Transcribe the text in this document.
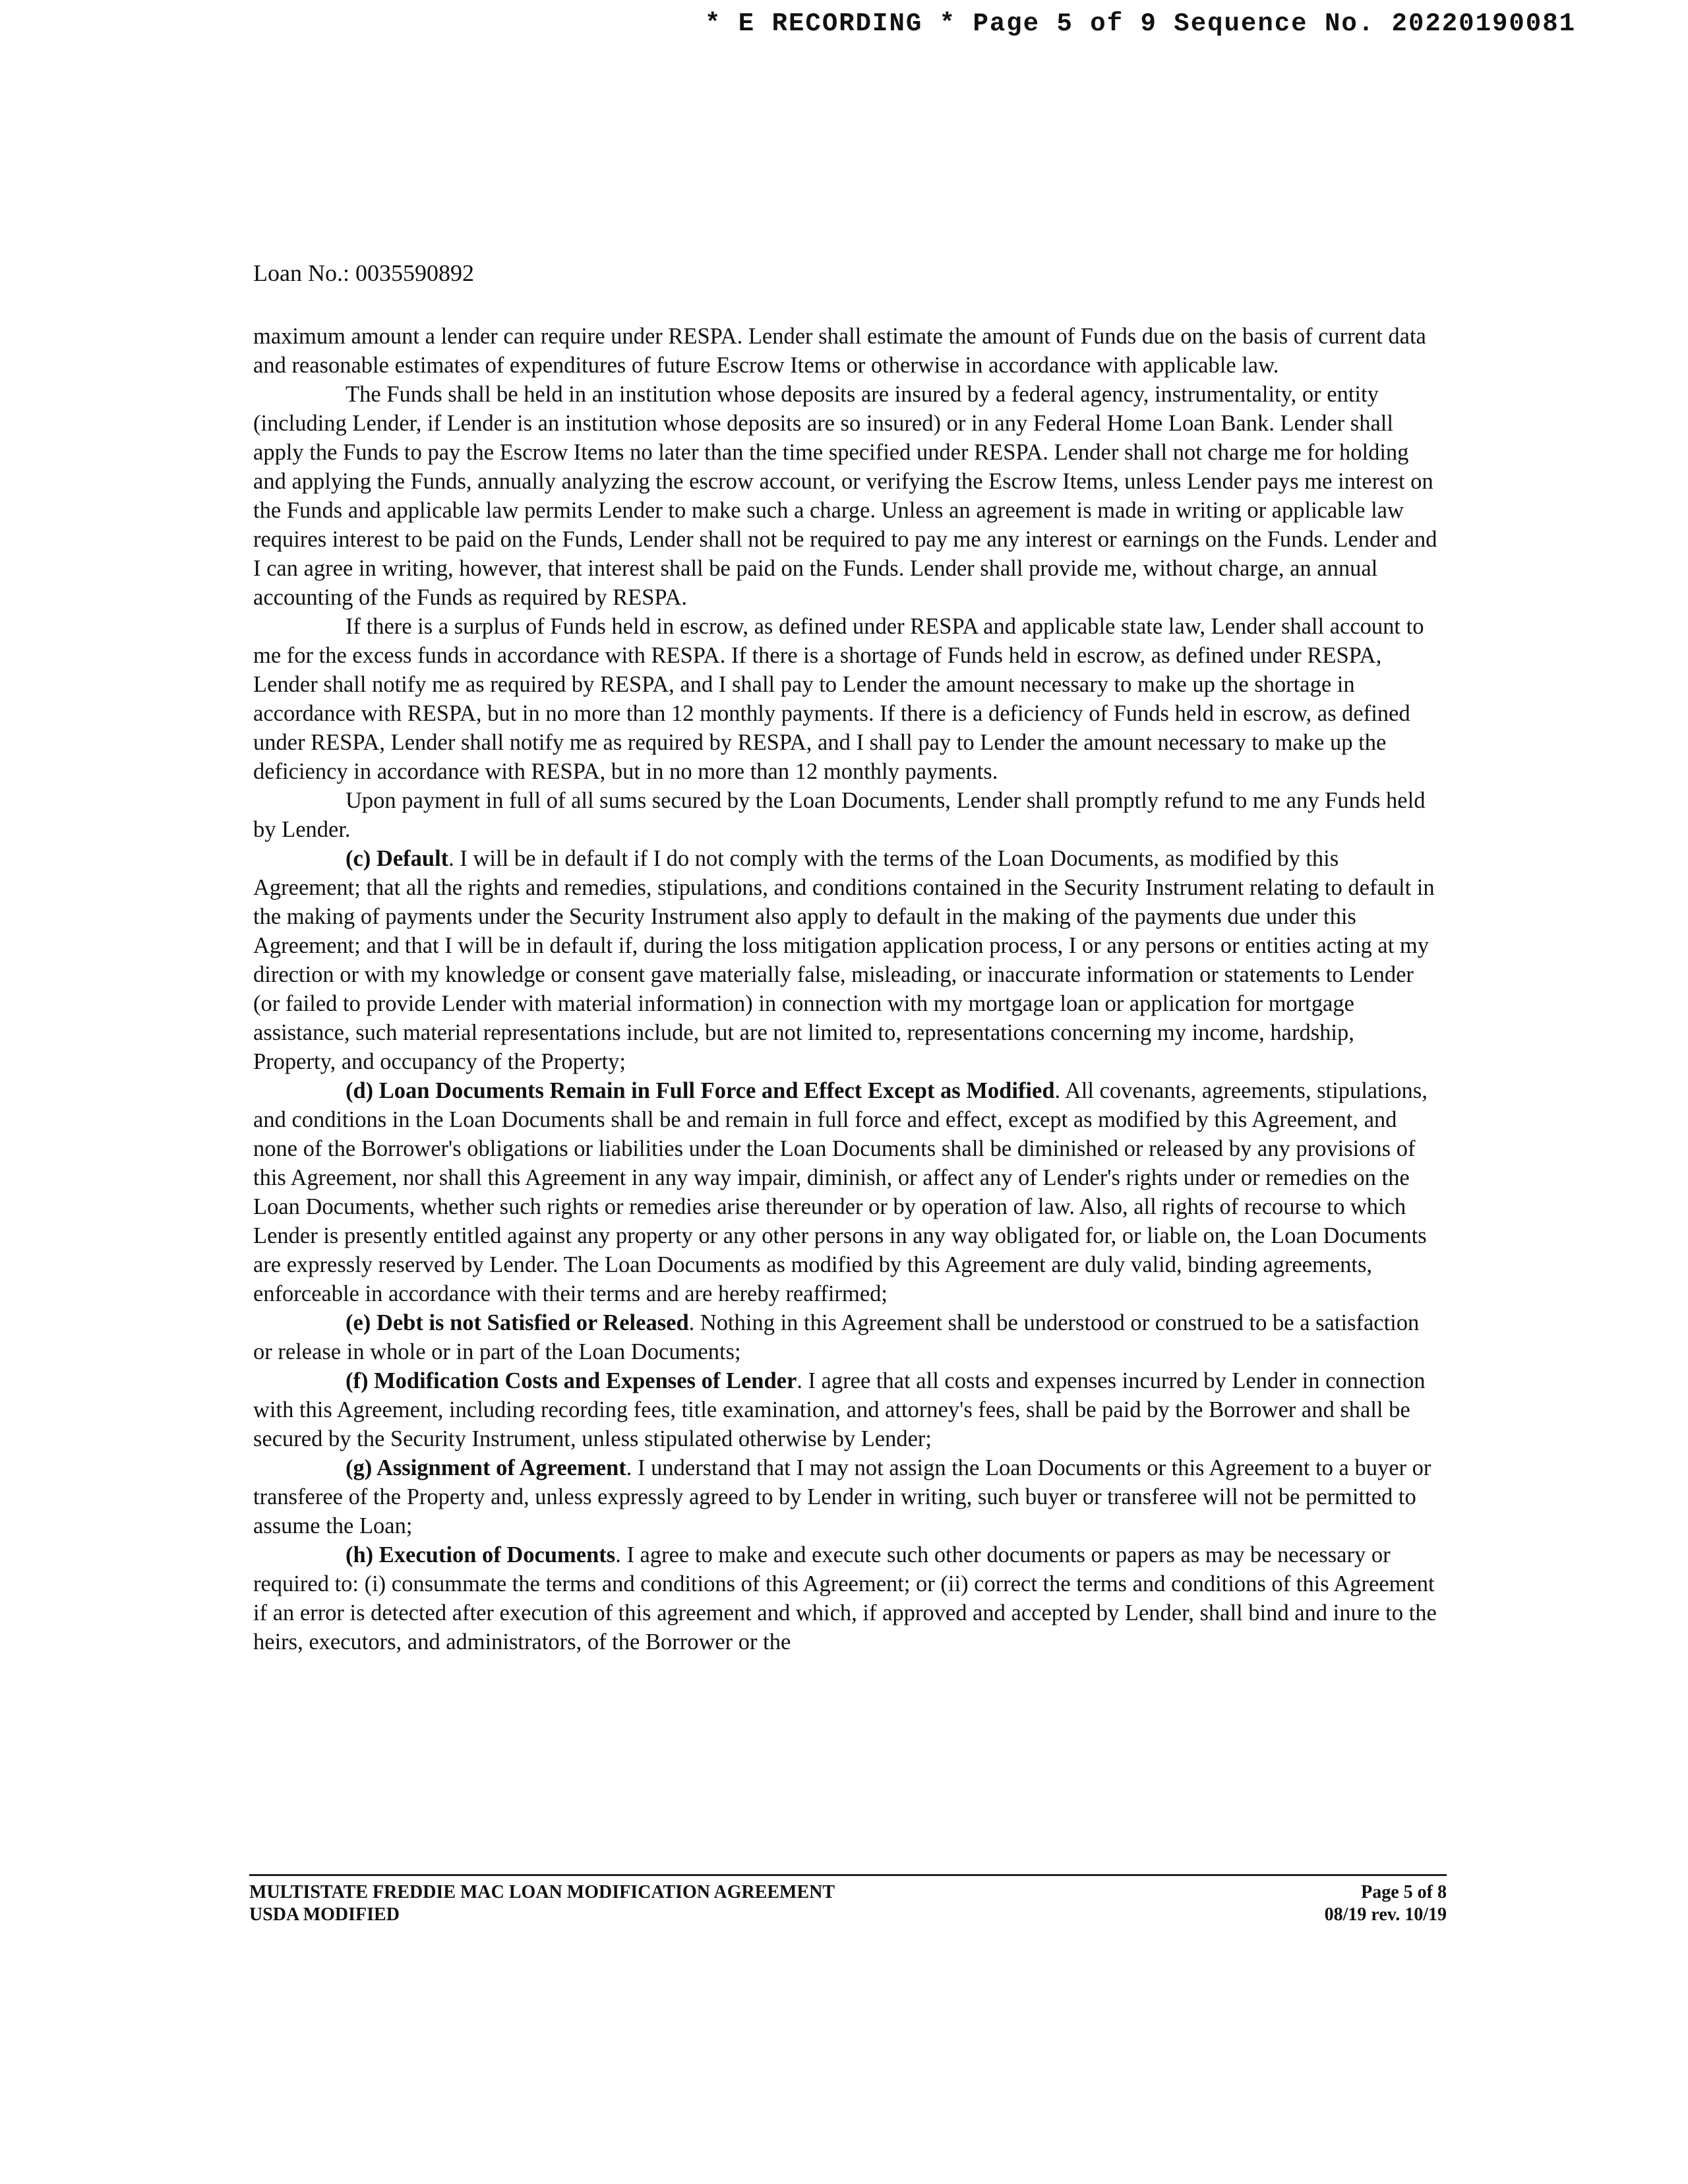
* E RECORDING * Page 5 of 9 Sequence No. 20220190081

Loan No.: 0035590892

maximum amount a lender can require under RESPA. Lender shall estimate the amount of Funds due on the basis of current data and reasonable estimates of expenditures of future Escrow Items or otherwise in accordance with applicable law.

The Funds shall be held in an institution whose deposits are insured by a federal agency, instrumentality, or entity (including Lender, if Lender is an institution whose deposits are so insured) or in any Federal Home Loan Bank. Lender shall apply the Funds to pay the Escrow Items no later than the time specified under RESPA. Lender shall not charge me for holding and applying the Funds, annually analyzing the escrow account, or verifying the Escrow Items, unless Lender pays me interest on the Funds and applicable law permits Lender to make such a charge. Unless an agreement is made in writing or applicable law requires interest to be paid on the Funds, Lender shall not be required to pay me any interest or earnings on the Funds. Lender and I can agree in writing, however, that interest shall be paid on the Funds. Lender shall provide me, without charge, an annual accounting of the Funds as required by RESPA.

If there is a surplus of Funds held in escrow, as defined under RESPA and applicable state law, Lender shall account to me for the excess funds in accordance with RESPA. If there is a shortage of Funds held in escrow, as defined under RESPA, Lender shall notify me as required by RESPA, and I shall pay to Lender the amount necessary to make up the shortage in accordance with RESPA, but in no more than 12 monthly payments. If there is a deficiency of Funds held in escrow, as defined under RESPA, Lender shall notify me as required by RESPA, and I shall pay to Lender the amount necessary to make up the deficiency in accordance with RESPA, but in no more than 12 monthly payments.

Upon payment in full of all sums secured by the Loan Documents, Lender shall promptly refund to me any Funds held by Lender.

(c) Default. I will be in default if I do not comply with the terms of the Loan Documents, as modified by this Agreement; that all the rights and remedies, stipulations, and conditions contained in the Security Instrument relating to default in the making of payments under the Security Instrument also apply to default in the making of the payments due under this Agreement; and that I will be in default if, during the loss mitigation application process, I or any persons or entities acting at my direction or with my knowledge or consent gave materially false, misleading, or inaccurate information or statements to Lender (or failed to provide Lender with material information) in connection with my mortgage loan or application for mortgage assistance, such material representations include, but are not limited to, representations concerning my income, hardship, Property, and occupancy of the Property;

(d) Loan Documents Remain in Full Force and Effect Except as Modified. All covenants, agreements, stipulations, and conditions in the Loan Documents shall be and remain in full force and effect, except as modified by this Agreement, and none of the Borrower's obligations or liabilities under the Loan Documents shall be diminished or released by any provisions of this Agreement, nor shall this Agreement in any way impair, diminish, or affect any of Lender's rights under or remedies on the Loan Documents, whether such rights or remedies arise thereunder or by operation of law. Also, all rights of recourse to which Lender is presently entitled against any property or any other persons in any way obligated for, or liable on, the Loan Documents are expressly reserved by Lender. The Loan Documents as modified by this Agreement are duly valid, binding agreements, enforceable in accordance with their terms and are hereby reaffirmed;

(e) Debt is not Satisfied or Released. Nothing in this Agreement shall be understood or construed to be a satisfaction or release in whole or in part of the Loan Documents;

(f) Modification Costs and Expenses of Lender. I agree that all costs and expenses incurred by Lender in connection with this Agreement, including recording fees, title examination, and attorney's fees, shall be paid by the Borrower and shall be secured by the Security Instrument, unless stipulated otherwise by Lender;

(g) Assignment of Agreement. I understand that I may not assign the Loan Documents or this Agreement to a buyer or transferee of the Property and, unless expressly agreed to by Lender in writing, such buyer or transferee will not be permitted to assume the Loan;

(h) Execution of Documents. I agree to make and execute such other documents or papers as may be necessary or required to: (i) consummate the terms and conditions of this Agreement; or (ii) correct the terms and conditions of this Agreement if an error is detected after execution of this agreement and which, if approved and accepted by Lender, shall bind and inure to the heirs, executors, and administrators, of the Borrower or the

MULTISTATE FREDDIE MAC LOAN MODIFICATION AGREEMENT
USDA MODIFIED
Page 5 of 8
08/19 rev. 10/19
